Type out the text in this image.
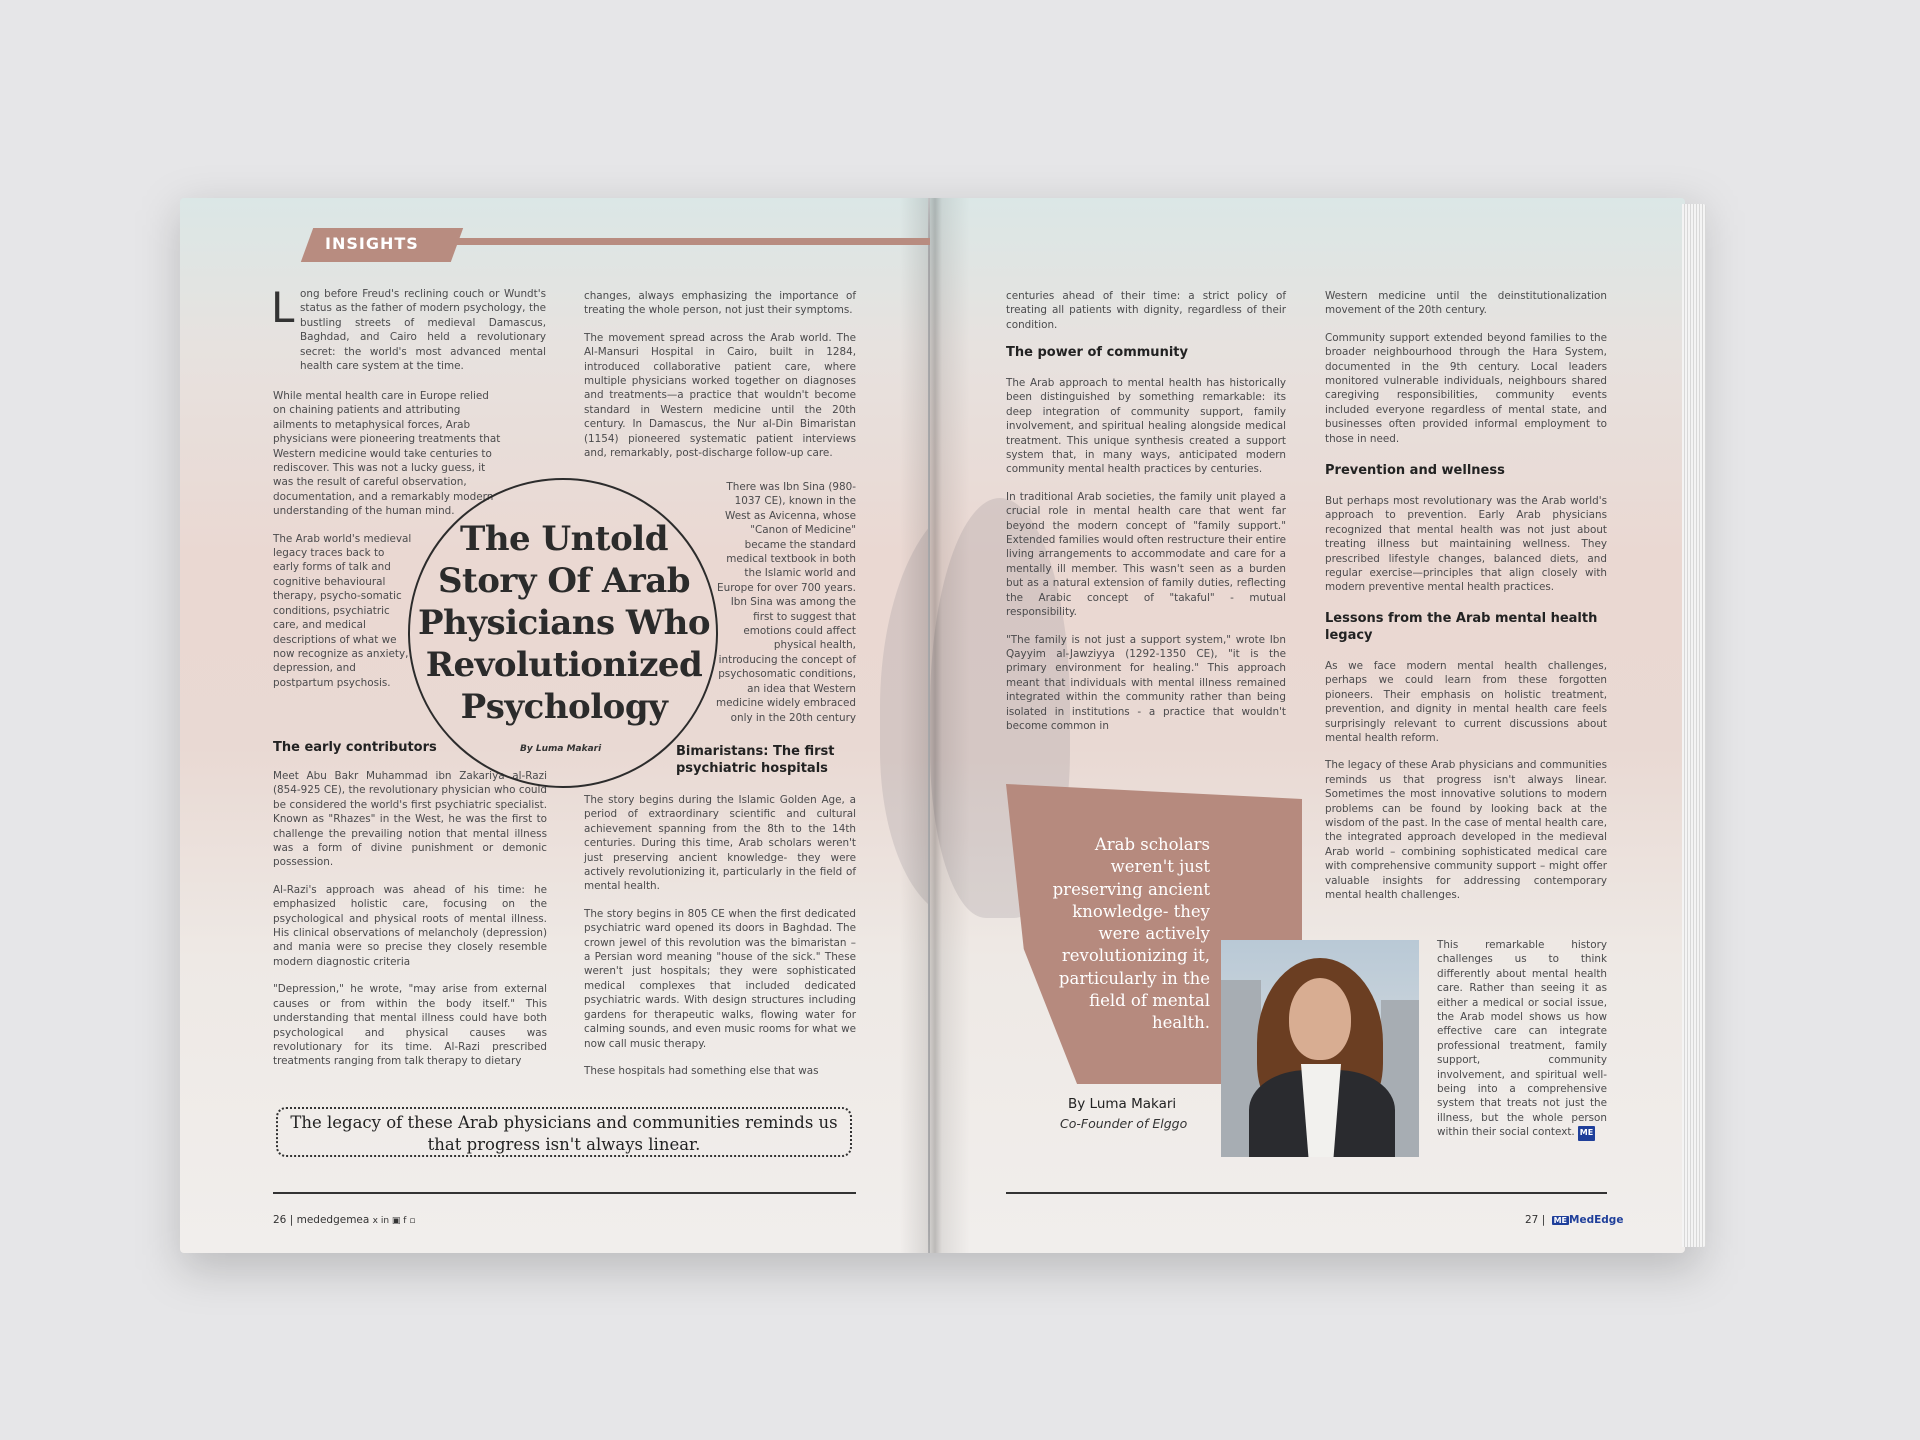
INSIGHTS
L ong before Freud's reclining couch or Wundt's status as the father of modern psychology, the bustling streets of medieval Damascus, Baghdad, and Cairo held a revolutionary secret: the world's most advanced mental health care system at the time.

While mental health care in Europe relied on chaining patients and attributing ailments to metaphysical forces, Arab physicians were pioneering treatments that Western medicine would take centuries to rediscover. This was not a lucky guess, it was the result of careful observation, documentation, and a remarkably modern understanding of the human mind.

The Arab world's medieval legacy traces back to early forms of talk and cognitive behavioural therapy, psycho-somatic conditions, psychiatric care, and medical descriptions of what we now recognize as anxiety, depression, and postpartum psychosis.

The early contributors

Meet Abu Bakr Muhammad ibn Zakariya al-Razi (854-925 CE), the revolutionary physician who could be considered the world's first psychiatric specialist. Known as "Rhazes" in the West, he was the first to challenge the prevailing notion that mental illness was a form of divine punishment or demonic possession.

Al-Razi's approach was ahead of his time: he emphasized holistic care, focusing on the psychological and physical roots of mental illness. His clinical observations of melancholy (depression) and mania were so precise they closely resemble modern diagnostic criteria

"Depression," he wrote, "may arise from external causes or from within the body itself." This understanding that mental illness could have both psychological and physical causes was revolutionary for its time. Al-Razi prescribed treatments ranging from talk therapy to dietary

changes, always emphasizing the importance of treating the whole person, not just their symptoms.

The movement spread across the Arab world. The Al-Mansuri Hospital in Cairo, built in 1284, introduced collaborative patient care, where multiple physicians worked together on diagnoses and treatments—a practice that wouldn't become standard in Western medicine until the 20th century. In Damascus, the Nur al-Din Bimaristan (1154) pioneered systematic patient interviews and, remarkably, post-discharge follow-up care.

There was Ibn Sina (980-1037 CE), known in the West as Avicenna, whose "Canon of Medicine" became the standard medical textbook in both the Islamic world and Europe for over 700 years. Ibn Sina was among the first to suggest that emotions could affect physical health, introducing the concept of psychosomatic conditions, an idea that Western medicine widely embraced only in the 20th century

Bimaristans: The first psychiatric hospitals

The story begins during the Islamic Golden Age, a period of extraordinary scientific and cultural achievement spanning from the 8th to the 14th centuries. During this time, Arab scholars weren't just preserving ancient knowledge- they were actively revolutionizing it, particularly in the field of mental health.

The story begins in 805 CE when the first dedicated psychiatric ward opened its doors in Baghdad. The crown jewel of this revolution was the bimaristan – a Persian word meaning "house of the sick." These weren't just hospitals; they were sophisticated medical complexes that included dedicated psychiatric wards. With design structures including gardens for therapeutic walks, flowing water for calming sounds, and even music rooms for what we now call music therapy.

These hospitals had something else that was

The Untold Story Of Arab Physicians Who Revolutionized Psychology
By Luma Makari
The legacy of these Arab physicians and communities reminds us that progress isn't always linear.
26 | mededgemea x in ▣ f ▫

centuries ahead of their time: a strict policy of treating all patients with dignity, regardless of their condition.

The power of community

The Arab approach to mental health has historically been distinguished by something remarkable: its deep integration of community support, family involvement, and spiritual healing alongside medical treatment. This unique synthesis created a support system that, in many ways, anticipated modern community mental health practices by centuries.

In traditional Arab societies, the family unit played a crucial role in mental health care that went far beyond the modern concept of "family support." Extended families would often restructure their entire living arrangements to accommodate and care for a mentally ill member. This wasn't seen as a burden but as a natural extension of family duties, reflecting the Arabic concept of "takaful" - mutual responsibility.

"The family is not just a support system," wrote Ibn Qayyim al-Jawziyya (1292-1350 CE), "it is the primary environment for healing." This approach meant that individuals with mental illness remained integrated within the community rather than being isolated in institutions - a practice that wouldn't become common in

Western medicine until the deinstitutionalization movement of the 20th century.

Community support extended beyond families to the broader neighbourhood through the Hara System, documented in the 9th century. Local leaders monitored vulnerable individuals, neighbours shared caregiving responsibilities, community events included everyone regardless of mental state, and businesses often provided informal employment to those in need.

Prevention and wellness

But perhaps most revolutionary was the Arab world's approach to prevention. Early Arab physicians recognized that mental health was not just about treating illness but maintaining wellness. They prescribed lifestyle changes, balanced diets, and regular exercise—principles that align closely with modern preventive mental health practices.

Lessons from the Arab mental health legacy

As we face modern mental health challenges, perhaps we could learn from these forgotten pioneers. Their emphasis on holistic treatment, prevention, and dignity in mental health care feels surprisingly relevant to current discussions about mental health reform.

The legacy of these Arab physicians and communities reminds us that progress isn't always linear. Sometimes the most innovative solutions to modern problems can be found by looking back at the wisdom of the past. In the case of mental health care, the integrated approach developed in the medieval Arab world – combining sophisticated medical care with comprehensive community support – might offer valuable insights for addressing contemporary mental health challenges.

This remarkable history challenges us to think differently about mental health care. Rather than seeing it as either a medical or social issue, the Arab model shows us how effective care can integrate professional treatment, family support, community involvement, and spiritual well-being into a comprehensive system that treats not just the illness, but the whole person within their social context. ME

Arab scholars weren't just preserving ancient knowledge- they were actively revolutionizing it, particularly in the field of mental health.
By Luma Makari
Co-Founder of Elggo
27 | ME MedEdge
